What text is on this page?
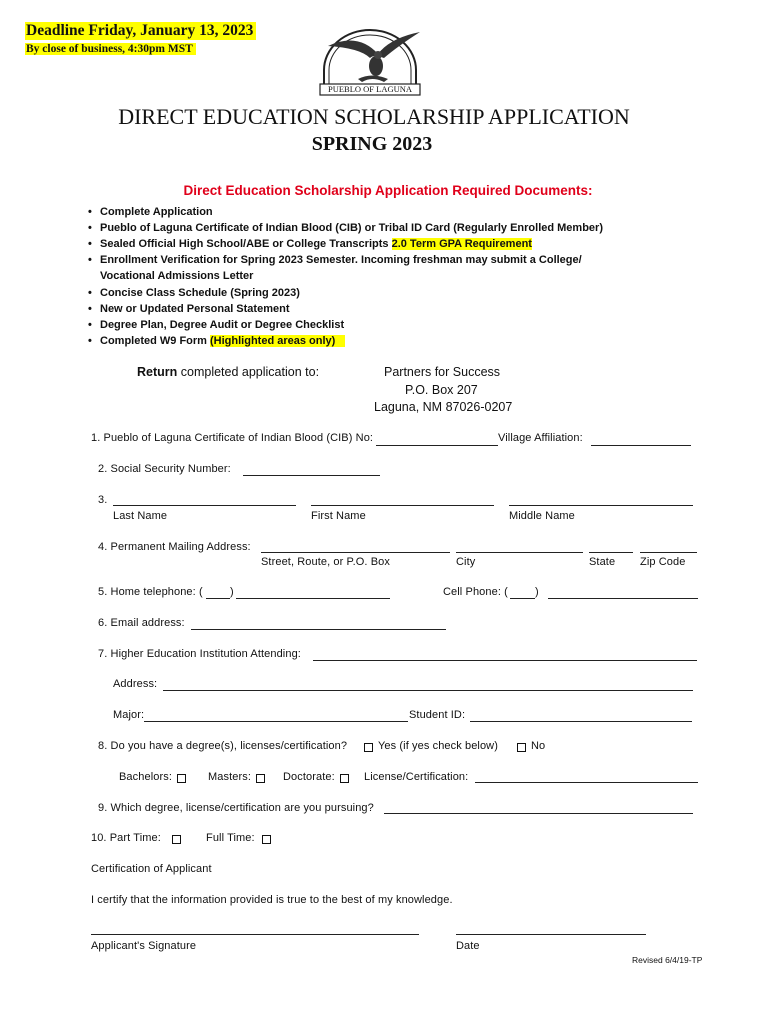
Deadline Friday, January 13, 2023
By close of business, 4:30pm MST
PUEBLO OF LAGUNA
DIRECT EDUCATION SCHOLARSHIP APPLICATION
SPRING 2023
Direct Education Scholarship Application Required Documents:
• Complete Application
• Pueblo of Laguna Certificate of Indian Blood (CIB) or Tribal ID Card (Regularly Enrolled Member)
• Sealed Official High School/ABE or College Transcripts 2.0 Term GPA Requirement
• Enrollment Verification for Spring 2023 Semester. Incoming freshman may submit a College/
Vocational Admissions Letter
• Concise Class Schedule (Spring 2023)
• New or Updated Personal Statement
• Degree Plan, Degree Audit or Degree Checklist
• Completed W9 Form (Highlighted areas only)
Return completed application to:	Partners for Success
P.O. Box 207
Laguna, NM 87026-0207
1. Pueblo of Laguna Certificate of Indian Blood (CIB) No:	Village Affiliation:
2. Social Security Number:
3.
Last Name	First Name	Middle Name
4. Permanent Mailing Address:
Street, Route, or P.O. Box	City	State Zip Code
5. Home telephone: ( )	Cell Phone: ( )
6. Email address:
7. Higher Education Institution Attending:
Address:
Major:	Student ID:
8. Do you have a degree(s), licenses/certification?	Yes (if yes check below)	No
Bachelors:	Masters:	Doctorate:	License/Certification:
9. Which degree, license/certification are you pursuing?
10. Part Time:	Full Time:
Certification of Applicant
I certify that the information provided is true to the best of my knowledge.
Applicant's Signature	Date
Revised 6/4/19-TP
